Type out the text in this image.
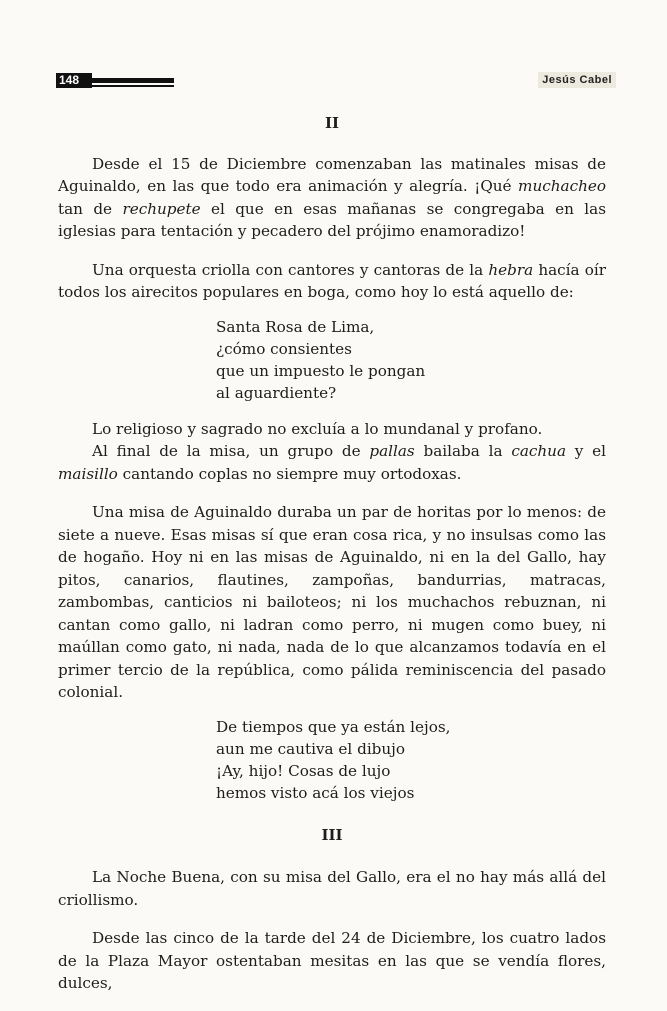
148	Jesús Cabel
II

Desde el 15 de Diciembre comenzaban las matinales misas de Aguinaldo, en las que todo era animación y alegría. ¡Qué muchacheo tan de rechupete el que en esas mañanas se congregaba en las iglesias para tentación y pecadero del prójimo enamoradizo!

Una orquesta criolla con cantores y cantoras de la hebra hacía oír todos los airecitos populares en boga, como hoy lo está aquello de:

Santa Rosa de Lima,
¿cómo consientes
que un impuesto le pongan
al aguardiente?

Lo religioso y sagrado no excluía a lo mundanal y profano.

Al final de la misa, un grupo de pallas bailaba la cachua y el maisillo cantando coplas no siempre muy ortodoxas.

Una misa de Aguinaldo duraba un par de horitas por lo menos: de siete a nueve. Esas misas sí que eran cosa rica, y no insulsas como las de hogaño. Hoy ni en las misas de Aguinaldo, ni en la del Gallo, hay pitos, canarios, flautines, zampoñas, bandurrias, matracas, zambombas, canticios ni bailoteos; ni los muchachos rebuznan, ni cantan como gallo, ni ladran como perro, ni mugen como buey, ni maúllan como gato, ni nada, nada de lo que alcanzamos todavía en el primer tercio de la república, como pálida reminiscencia del pasado colonial.

De tiempos que ya están lejos,
aun me cautiva el dibujo
¡Ay, hijo! Cosas de lujo
hemos visto acá los viejos
III

La Noche Buena, con su misa del Gallo, era el no hay más allá del criollismo.

Desde las cinco de la tarde del 24 de Diciembre, los cuatro lados de la Plaza Mayor ostentaban mesitas en las que se vendía flores, dulces,
